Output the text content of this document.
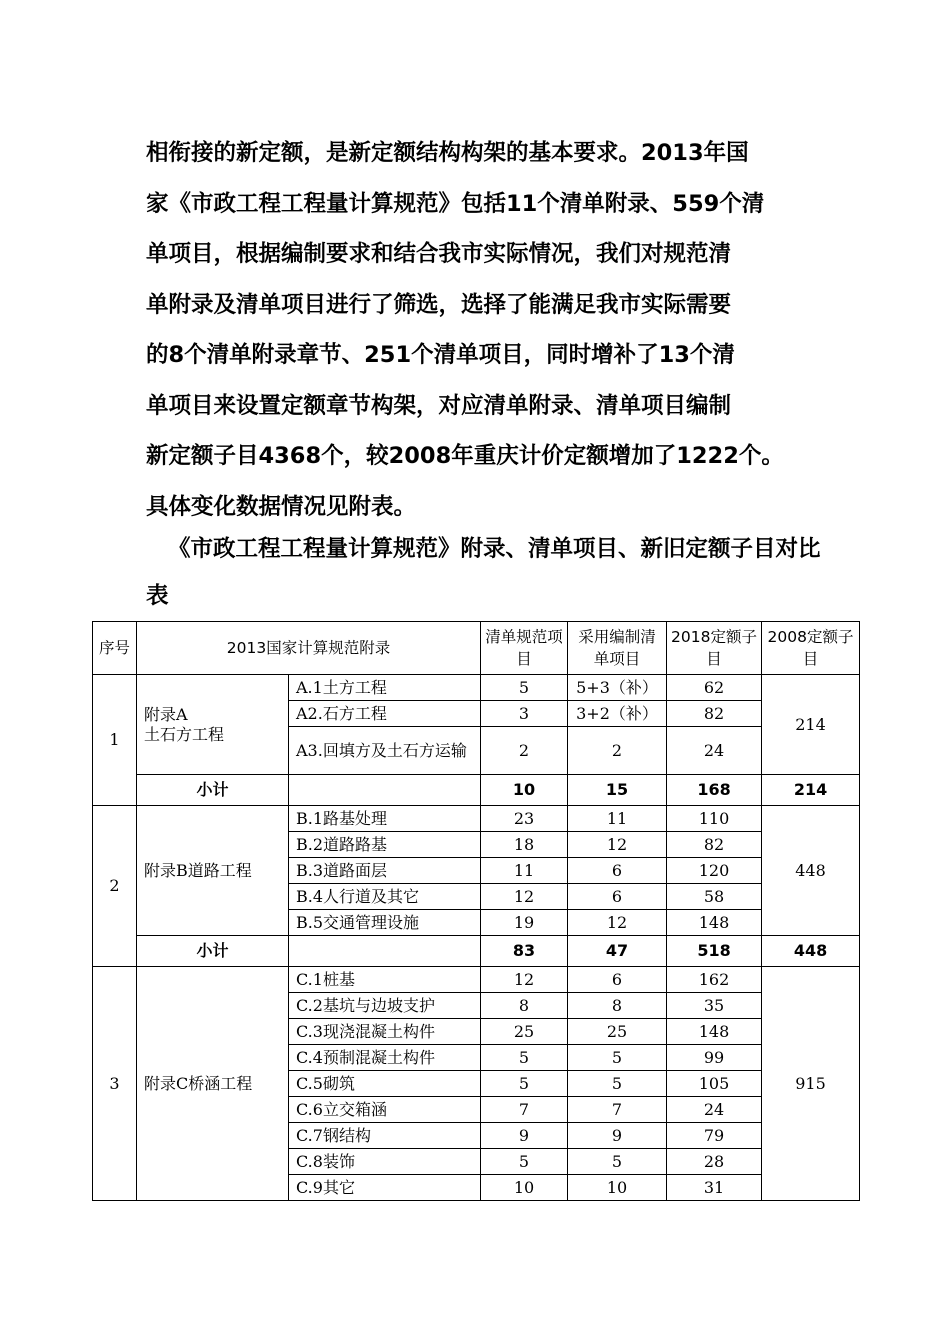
相衔接的新定额，是新定额结构构架的基本要求。2013年国
家《市政工程工程量计算规范》包括11个清单附录、559个清
单项目，根据编制要求和结合我市实际情况，我们对规范清
单附录及清单项目进行了筛选，选择了能满足我市实际需要
的8个清单附录章节、251个清单项目，同时增补了13个清
单项目来设置定额章节构架，对应清单附录、清单项目编制
新定额子目4368个，较2008年重庆计价定额增加了1222个。
具体变化数据情况见附表。

《市政工程工程量计算规范》附录、清单项目、新旧定额子目对比表

序号	2013国家计算规范附录		清单规范项目	采用编制清单项目	2018定额子目	2008定额子目
1	附录A
土石方工程	A.1土方工程	5	5+3（补）	62	214
		A2.石方工程	3	3+2（补）	82	
		A3.回填方及土石方运输	2	2	24	
	小计		10	15	168	214
2	附录B道路工程	B.1路基处理	23	11	110	448
		B.2道路路基	18	12	82	
		B.3道路面层	11	6	120	
		B.4人行道及其它	12	6	58	
		B.5交通管理设施	19	12	148	
	小计		83	47	518	448
3	附录C桥涵工程	C.1桩基	12	6	162	915
		C.2基坑与边坡支护	8	8	35	
		C.3现浇混凝土构件	25	25	148	
		C.4预制混凝土构件	5	5	99	
		C.5砌筑	5	5	105	
		C.6立交箱涵	7	7	24	
		C.7钢结构	9	9	79	
		C.8装饰	5	5	28	
		C.9其它	10	10	31	
